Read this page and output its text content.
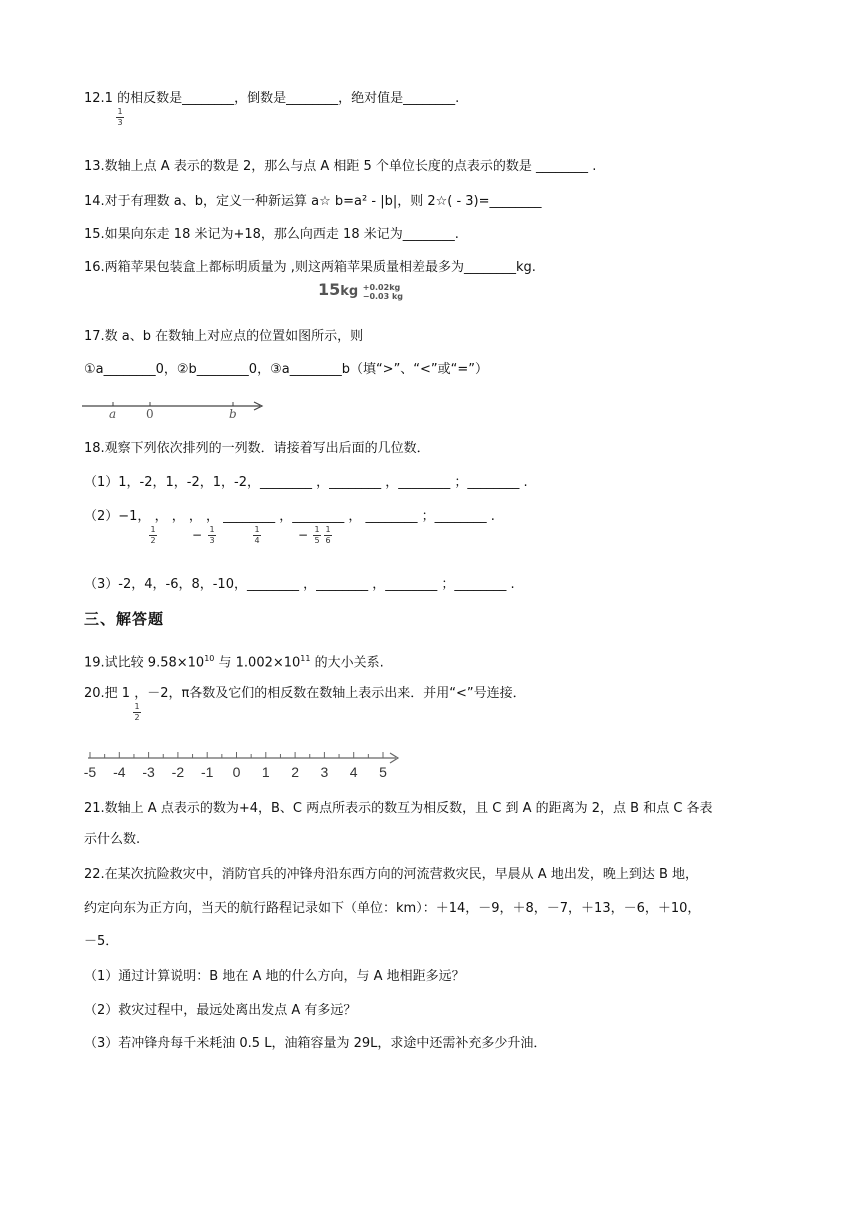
12.1 的相反数是________，倒数是________，绝对值是________.
1
3
13.数轴上点 A 表示的数是 2，那么与点 A 相距 5 个单位长度的点表示的数是 ________ .
14.对于有理数 a、b，定义一种新运算 a☆ b=a² - |b|，则 2☆( - 3)=________
15.如果向东走 18 米记为+18，那么向西走 18 米记为________.
16.两箱苹果包装盒上都标明质量为 ,则这两箱苹果质量相差最多为________kg.
15kg +0.02kg
−0.03 kg
17.数 a、b 在数轴上对应点的位置如图所示，则
①a________0，②b________0，③a________b（填“>”、“<”或“=”）
a 0	b
18.观察下列依次排列的一列数．请接着写出后面的几位数．
（1）1，-2，1，-2，1，-2，________ ，________ ，________ ；________ .
（2）−1， ， ， ， ， ________ ，________ ， ________ ；________ .
1
2	− 1
3
1
4	− 1
5
1
6
（3）-2，4，-6，8，-10，________ ，________ ，________ ；________ .
三、解答题
19.试比较 $9.58\times 10^{10}$ 与 $1.002\times 10^{11}$ 的大小关系.
20.把 1 ，－2，π各数及它们的相反数在数轴上表示出来．并用“<”号连接．
1
2
-5 -4 -3 -2 -1 0 1 2 3 4 5
21.数轴上 A 点表示的数为+4，B、C 两点所表示的数互为相反数，且 C 到 A 的距离为 2，点 B 和点 C 各表
示什么数.
22.在某次抗险救灾中，消防官兵的冲锋舟沿东西方向的河流营救灾民，早晨从 A 地出发，晚上到达 B 地，
约定向东为正方向，当天的航行路程记录如下（单位：km）：＋14，－9，＋8，－7，＋13，－6，＋10，
－5．
（1）通过计算说明：B 地在 A 地的什么方向，与 A 地相距多远？
（2）救灾过程中，最远处离出发点 A 有多远？
（3）若冲锋舟每千米耗油 0.5 L，油箱容量为 29L，求途中还需补充多少升油．
